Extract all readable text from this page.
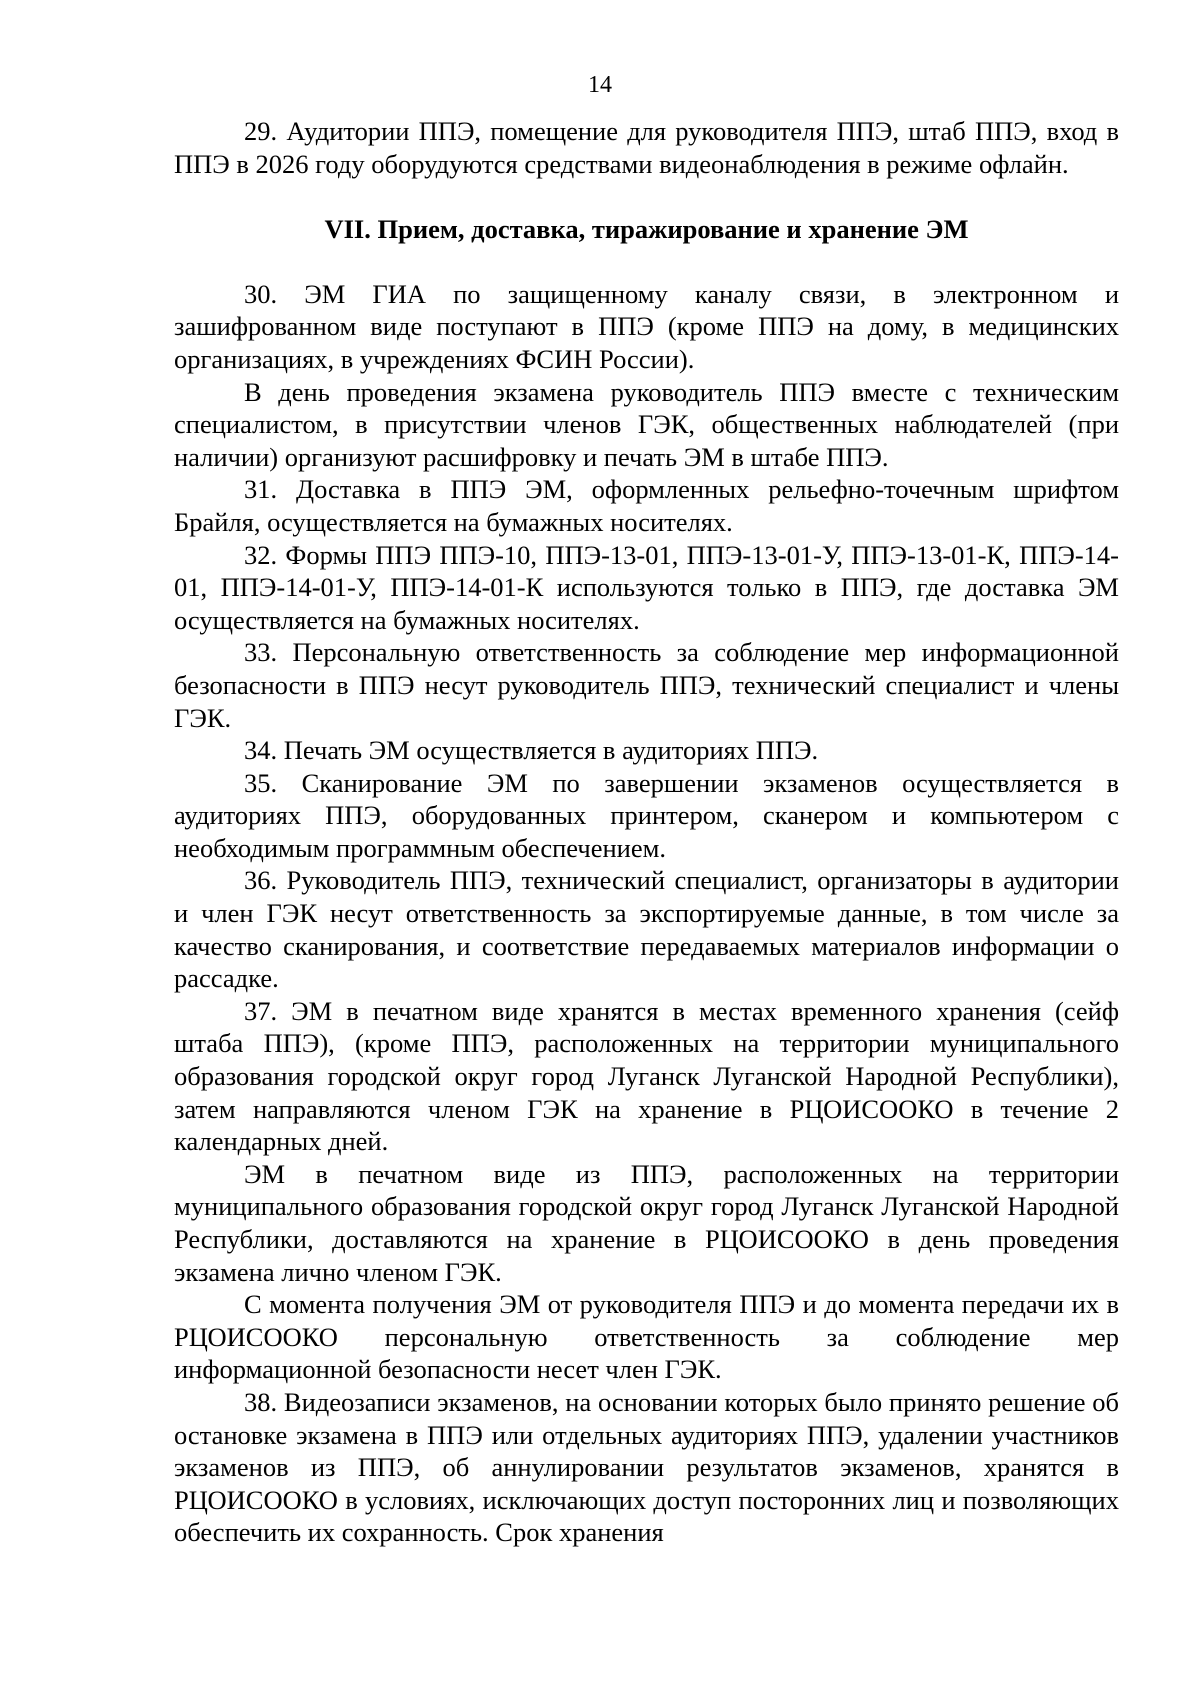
14

29. Аудитории ППЭ, помещение для руководителя ППЭ, штаб ППЭ, вход в ППЭ в 2026 году оборудуются средствами видеонаблюдения в режиме офлайн.

VII. Прием, доставка, тиражирование и хранение ЭМ

30. ЭМ ГИА по защищенному каналу связи, в электронном и зашифрованном виде поступают в ППЭ (кроме ППЭ на дому, в медицинских организациях, в учреждениях ФСИН России).

В день проведения экзамена руководитель ППЭ вместе с техническим специалистом, в присутствии членов ГЭК, общественных наблюдателей (при наличии) организуют расшифровку и печать ЭМ в штабе ППЭ.

31. Доставка в ППЭ ЭМ, оформленных рельефно-точечным шрифтом Брайля, осуществляется на бумажных носителях.

32. Формы ППЭ ППЭ-10, ППЭ-13-01, ППЭ-13-01-У, ППЭ-13-01-К, ППЭ-14-01, ППЭ-14-01-У, ППЭ-14-01-К используются только в ППЭ, где доставка ЭМ осуществляется на бумажных носителях.

33. Персональную ответственность за соблюдение мер информационной безопасности в ППЭ несут руководитель ППЭ, технический специалист и члены ГЭК.

34. Печать ЭМ осуществляется в аудиториях ППЭ.

35. Сканирование ЭМ по завершении экзаменов осуществляется в аудиториях ППЭ, оборудованных принтером, сканером и компьютером с необходимым программным обеспечением.

36. Руководитель ППЭ, технический специалист, организаторы в аудитории и член ГЭК несут ответственность за экспортируемые данные, в том числе за качество сканирования, и соответствие передаваемых материалов информации о рассадке.

37. ЭМ в печатном виде хранятся в местах временного хранения (сейф штаба ППЭ), (кроме ППЭ, расположенных на территории муниципального образования городской округ город Луганск Луганской Народной Республики), затем направляются членом ГЭК на хранение в РЦОИСООКО в течение 2 календарных дней.

ЭМ в печатном виде из ППЭ, расположенных на территории муниципального образования городской округ город Луганск Луганской Народной Республики, доставляются на хранение в РЦОИСООКО в день проведения экзамена лично членом ГЭК.

С момента получения ЭМ от руководителя ППЭ и до момента передачи их в РЦОИСООКО персональную ответственность за соблюдение мер информационной безопасности несет член ГЭК.

38. Видеозаписи экзаменов, на основании которых было принято решение об остановке экзамена в ППЭ или отдельных аудиториях ППЭ, удалении участников экзаменов из ППЭ, об аннулировании результатов экзаменов, хранятся в РЦОИСООКО в условиях, исключающих доступ посторонних лиц и позволяющих обеспечить их сохранность. Срок хранения
